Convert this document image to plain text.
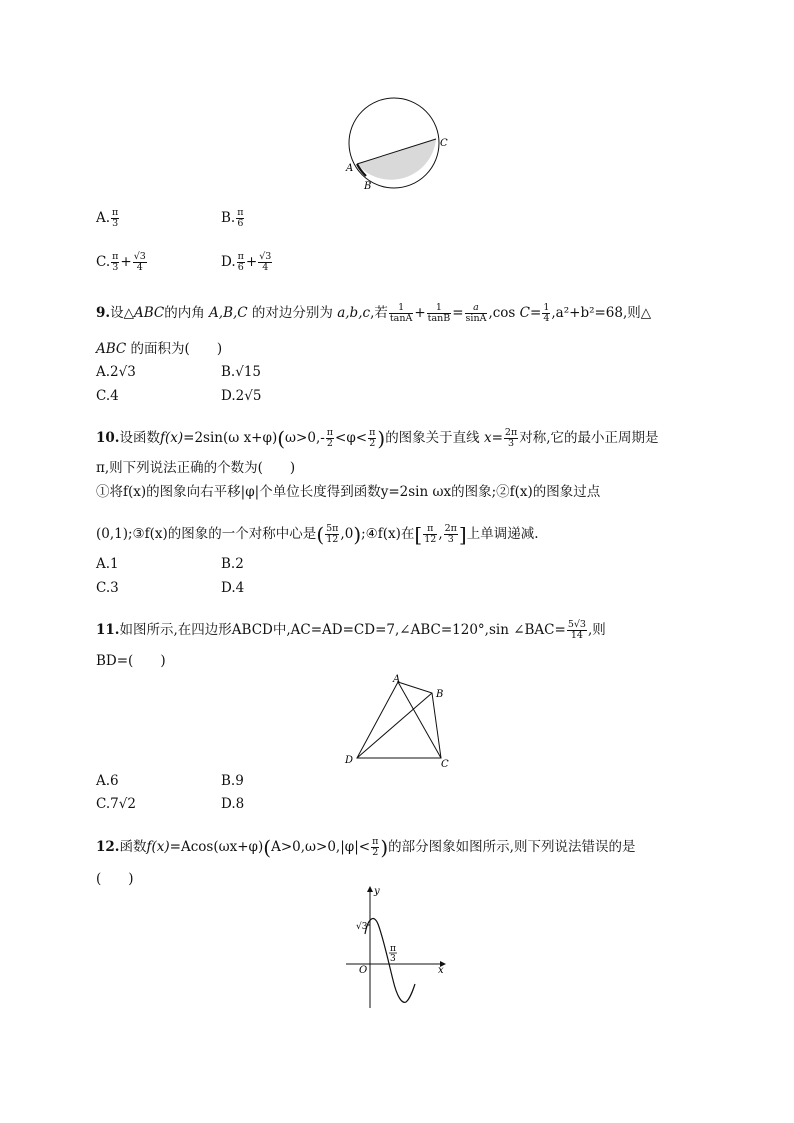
A
B
C
A. $\frac{\pi}{3}$	B. $\frac{\pi}{6}$
C. $\frac{\pi}{3} + \frac{√3}{4}$	D. $\frac{\pi}{6} + \frac{√3}{4}$
9.设△ABC的内角 A,B,C 的对边分别为 a,b,c,若 $\frac{1}{\tan A} + \frac{1}{\tan B} = \frac{a}{\sin A} ,\cos$ $C= \frac{1}{4} ,a^2+b^2=68$,则△
ABC 的面积为(　　)
A.2√3	B.√15
C.4	D.2√5
10.设函数f(x)=2sin(ω $x+\varphi)(\omega>0,- \frac{\pi}{2} <\varphi< \frac{\pi}{2}$ )的图象关于直线 $x= \frac{2\pi}{3}$ 对称,它的最小正周期是
π,则下列说法正确的个数为(　　)
①将f(x)的图象向右平移|φ|个单位长度得到函数y=2sin ωx的图象;②f(x)的图象过点
(0,1);③f(x)的图象的一个对称中心是( $\frac{5\pi}{12}$ ,0);④f(x)在[ $\frac{\pi}{12}$ , $\frac{2\pi}{3}$ ]上单调递减.
A.1	B.2
C.3	D.4
11.如图所示,在四边形ABCD中,AC=AD=CD=7,∠ABC=120°,sin ∠BAC= $\frac{5√3}{14}$ ,则
BD=(　　)
A
B
C
D
A.6	B.9
C.7√2	D.8
12.函数$f(x)=Acos(\omega x+\varphi)(A>0,\omega>0,|\varphi|< \frac{\pi}{2}$ )的部分图象如图所示,则下列说法错误的是
(　　)
y
x
O
√3
π
3
